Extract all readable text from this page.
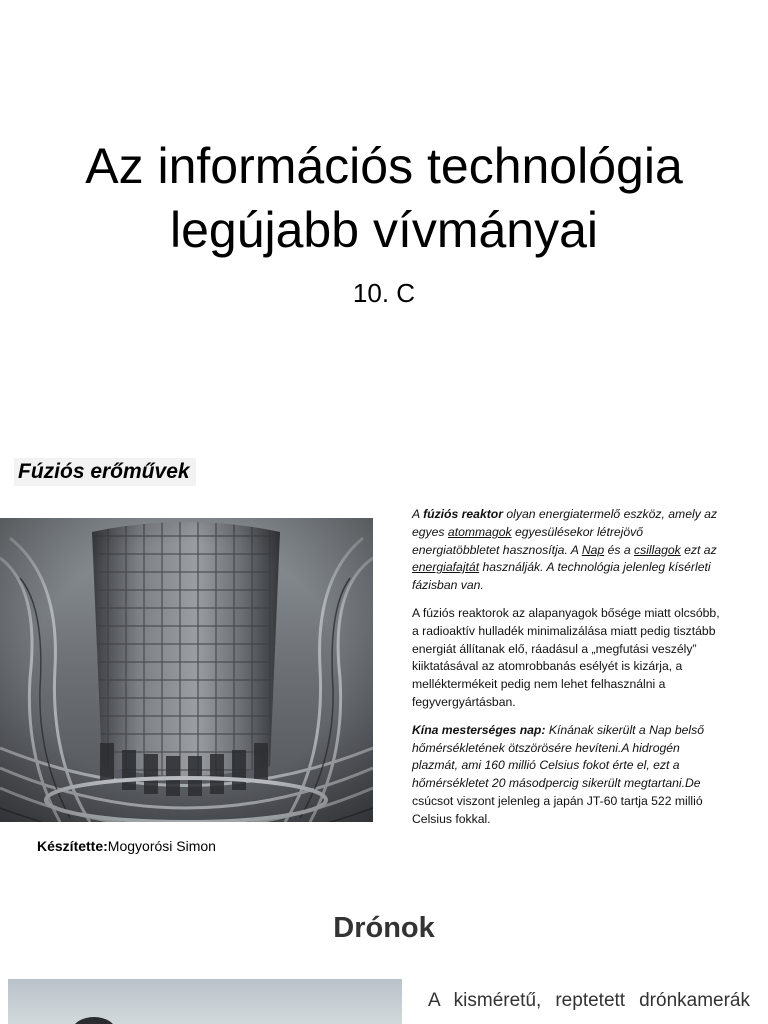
Az információs technológia
legújabb vívmányai
10. C
Fúziós erőművek
Készítette:Mogyorósi Simon

A fúziós reaktor olyan energiatermelő eszköz, amely az egyes atommagok egyesülésekor létrejövő energiatöbbletet hasznosítja. A Nap és a csillagok ezt az energiafajtát használják. A technológia jelenleg kísérleti fázisban van.

A fúziós reaktorok az alapanyagok bősége miatt olcsóbb, a radioaktív hulladék minimalizálása miatt pedig tisztább energiát állítanak elő, ráadásul a „megfutási veszély” kiiktatásával az atomrobbanás esélyét is kizárja, a melléktermékeit pedig nem lehet felhasználni a fegyvergyártásban.

Kína mesterséges nap: Kínának sikerült a Nap belső hőmérsékletének ötszörösére hevíteni.A hidrogén plazmát, ami 160 millió Celsius fokot érte el, ezt a hőmérsékletet 20 másodpercig sikerült megtartani.De csúcsot viszont jelenleg a japán JT-60 tartja 522 millió Celsius fokkal.

Drónok
A kisméretű, reptetett drónkamerák
